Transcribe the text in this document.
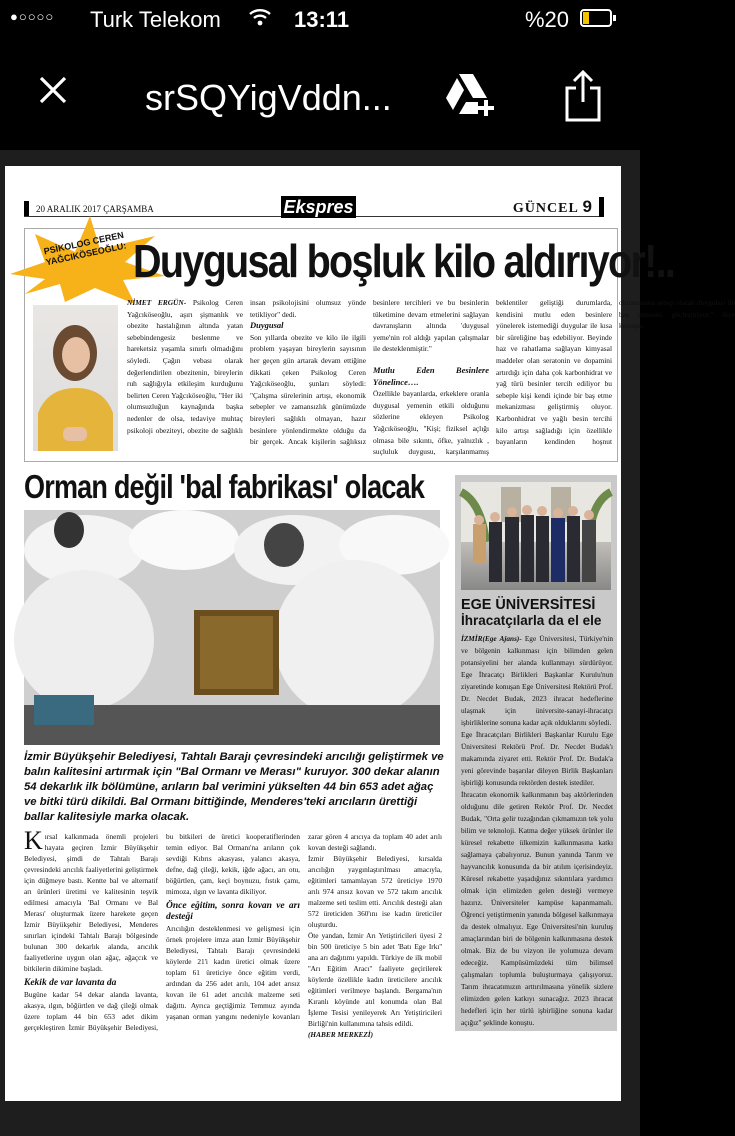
●○○○○ Turk Telekom	13:11	%20
srSQYigVddn...
20 ARALIK 2017 ÇARŞAMBA	Ekspres	GÜNCEL 9
PSİKOLOG CEREN YAĞCIKÖSEOĞLU: Duygusal boşluk kilo aldırıyor!..

NİMET ERGÜN- Psikolog Ceren Yağcıköseoğlu, aşırı şişmanlık ve obezite hastalığının altında yatan sebebindengesiz beslenme ve hareketsiz yaşamla sınırlı olmadığını söyledi. Çağın vebası olarak değerlendirilen obezitenin, bireylerin ruh sağlığıyla etkileşim kurduğunu belirten Ceren Yağcıköseoğlu, "Her iki olumsuzluğun kaynağında başka nedenler de olsa, tedaviye muhtaç psikoloji obeziteyi, obezite de sağlıklı insan psikolojisini olumsuz yönde tetikliyor" dedi.

Duygusal

Son yıllarda obezite ve kilo ile ilgili problem yaşayan bireylerin sayısının her geçen gün artarak devam ettiğine dikkati çeken Psikolog Ceren Yağcıköseoğlu, şunları söyledi: "Çalışma sürelerinin artışı, ekonomik sebepler ve zamansızlık günümüzde bireyleri sağlıklı olmayan, hazır besinlere yönlendirmekte olduğu da bir gerçek. Ancak kişilerin sağlıksız besinlere tercihleri ve bu besinlerin tüketimine devam etmelerini sağlayan davranışların altında 'duygusal yeme'nin rol aldığı yapılan çalışmalar ile desteklenmiştir."

Mutlu Eden Besinlere Yönelince….

Özellikle bayanlarda, erkeklere oranla duygusal yemenin etkili olduğunu sözlerine ekleyen Psikolog Yağcıköseoğlu, "Kişi; fiziksel açlığı olmasa bile sıkıntı, öfke, yalnızlık , suçluluk duygusu, karşılanmamış beklentiler geliştiği durumlarda, kendisini mutlu eden besinlere yönelerek istemediği duygular ile kısa bir süreliğine baş edebiliyor. Beyinde haz ve rahatlama sağlayan kimyasal maddeler olan seratonin ve dopamini artırdığı için daha çok karbonhidrat ve yağ türü besinler tercih ediliyor bu sebeple kişi kendi içinde bir baş etme mekanizması geliştirmiş oluyor. Karbonhidrat ve yağlı besin tercihi kilo artışı sağladığı için özellikle bayanların kendinden hoşnut olmamasına sebep olarak duyguları ile baş etmesini güçleştiriyor." diye konuştu.

Orman değil 'bal fabrikası' olacak
İzmir Büyükşehir Belediyesi, Tahtalı Barajı çevresindeki arıcılığı geliştirmek ve balın kalitesini artırmak için "Bal Ormanı ve Merası" kuruyor. 300 dekar alanın 54 dekarlık ilk bölümüne, arıların bal verimini yükselten 44 bin 653 adet ağaç ve bitki türü dikildi. Bal Ormanı bittiğinde, Menderes'teki arıcıların ürettiği ballar kalitesiyle marka olacak.

Kırsal kalkınmada önemli projeleri hayata geçiren İzmir Büyükşehir Belediyesi, şimdi de Tahtalı Barajı çevresindeki arıcılık faaliyetlerini geliştirmek için düğmeye bastı. Kentte bal ve alternatif arı ürünleri üretimi ve kalitesinin teşvik edilmesi amacıyla 'Bal Ormanı ve Bal Merası' oluşturmak üzere harekete geçen İzmir Büyükşehir Belediyesi, Menderes sınırları içindeki Tahtalı Barajı bölgesinde bulunan 300 dekarlık alanda, arıcılık faaliyetlerine uygun olan ağaç, ağaçcık ve bitkilerin dikimine başladı.

Kekik de var lavanta da

Bugüne kadar 54 dekar alanda lavanta, akasya, ılgın, böğürtlen ve dağ çileği olmak üzere toplam 44 bin 653 adet dikim gerçekleştiren İzmir Büyükşehir Belediyesi, bu bitkileri de üretici kooperatiflerinden temin ediyor. Bal Ormanı'na arıların çok sevdiği Kıbrıs akasyası, yalancı akasya, defne, dağ çileği, kekik, iğde ağacı, arı otu, böğürtlen, çam, keçi boynuzu, fıstık çamı, mimoza, ılgın ve lavanta dikiliyor.

Önce eğitim, sonra kovan ve arı desteği

Arıcılığın desteklenmesi ve gelişmesi için örnek projelere imza atan İzmir Büyükşehir Belediyesi, Tahtalı Barajı çevresindeki köylerde 21'i kadın üretici olmak üzere toplam 61 üreticiye önce eğitim verdi, ardından da 256 adet arılı, 104 adet arısız kovan ile 61 adet arıcılık malzeme seti dağıttı. Ayrıca geçtiğimiz Temmuz ayında yaşanan orman yangını nedeniyle kovanları zarar gören 4 arıcıya da toplam 40 adet arılı kovan desteği sağlandı.

İzmir Büyükşehir Belediyesi, kırsalda arıcılığın yaygınlaştırılması amacıyla, eğitimleri tamamlayan 572 üreticiye 1970 arılı 974 arısız kovan ve 572 takım arıcılık malzeme seti teslim etti. Arıcılık desteği alan 572 üreticiden 360'ını ise kadın üreticiler oluşturdu.

Öte yandan, İzmir Arı Yetiştiricileri üyesi 2 bin 500 üreticiye 5 bin adet 'Batı Ege Irkı'' ana arı dağıtımı yapıldı. Türkiye de ilk mobil ''Arı Eğitim Aracı'' faaliyete geçirilerek köylerde özellikle kadın üreticilere arıcılık eğitimleri verilmeye başlandı. Bergama'nın Kıranlı köyünde atıl konumda olan Bal İşleme Tesisi yenileyerek Arı Yetiştiricileri Birliği'nin kullanımına tahsis edildi.

(HABER MERKEZİ)

EGE ÜNİVERSİTESİ
İhracatçılarla da el ele

İZMİR(Ege Ajans)- Ege Üniversitesi, Türkiye'nin ve bölgenin kalkınması için bilimden gelen potansiyelini her alanda kullanmayı sürdürüyor. Ege İhracatçı Birlikleri Başkanlar Kurulu'nun ziyaretinde konuşan Ege Üniversitesi Rektörü Prof. Dr. Necdet Budak, 2023 ihracat hedeflerine ulaşmak için üniversite-sanayi-ihracatçı işbirliklerine sonuna kadar açık olduklarını söyledi.

Ege İhracatçıları Birlikleri Başkanlar Kurulu Ege Üniversitesi Rektörü Prof. Dr. Necdet Budak'ı makamında ziyaret etti. Rektör Prof. Dr. Budak'a yeni görevinde başarılar dileyen Birlik Başkanları işbirliği konusunda rektörden destek istediler.

İhracatın ekonomik kalkınmanın baş aktörlerinden olduğunu dile getiren Rektör Prof. Dr. Necdet Budak, "Orta gelir tuzağından çıkmamızın tek yolu bilim ve teknoloji. Katma değer yüksek ürünler ile küresel rekabette ülkemizin kalkınmasına katkı sağlamaya çabalıyoruz. Bunun yanında Tarım ve hayvancılık konusunda da bir atılım içerisindeyiz. Küresel rekabette yaşadığınız sıkıntılara yardımcı olmak için elimizden gelen desteği vermeye hazırız. Üniversiteler kampüse kapanmamalı. Öğrenci yetiştirmenin yanında bölgesel kalkınmaya da destek olmalıyız. Ege Üniversitesi'nin kuruluş amaçlarından biri de bölgenin kalkınmasına destek olmak. Biz de bu vizyon ile yolumuza devam edeceğiz. Kampüsümüzdeki tüm bilimsel çalışmaları toplumla buluşturmaya çalışıyoruz. Tarım ihracatımızın arttırılmasına yönelik sizlere elimizden gelen katkıyı sunacağız. 2023 ihracat hedefleri için her türlü işbirliğine sonuna kadar açığız" şeklinde konuştu.
